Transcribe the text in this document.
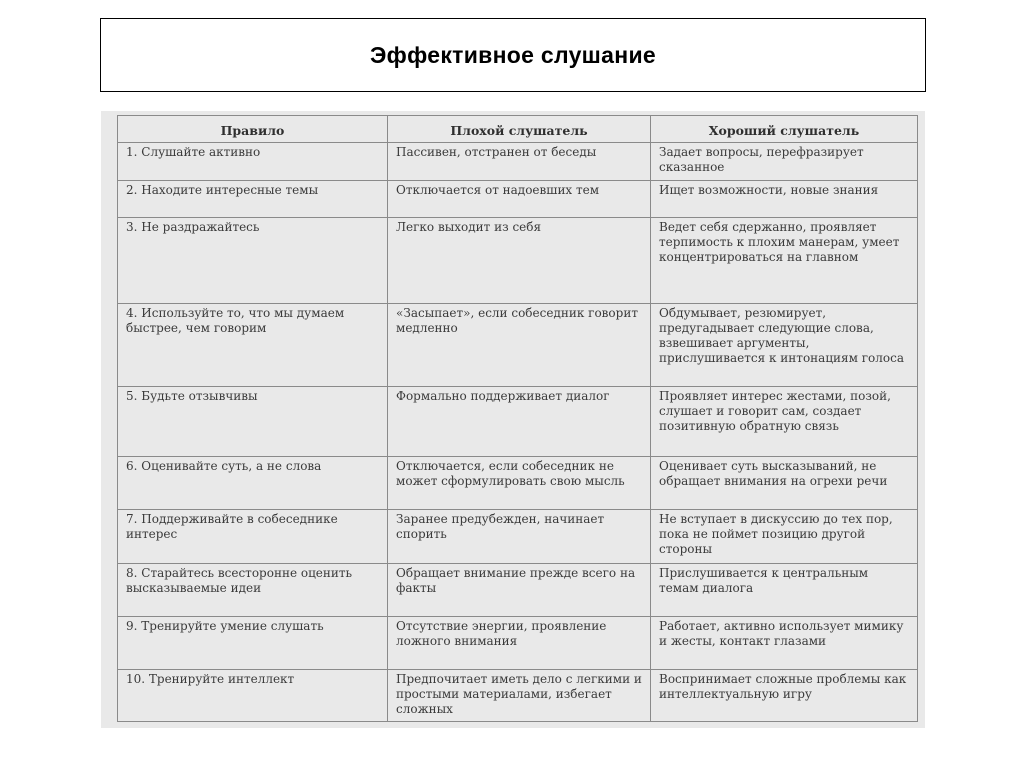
Эффективное слушание
Правило	Плохой слушатель	Хороший слушатель
1. Слушайте активно	Пассивен, отстранен от беседы	Задает вопросы, перефразирует сказанное
2. Находите интересные темы	Отключается от надоевших тем	Ищет возможности, новые знания
3. Не раздражайтесь	Легко выходит из себя	Ведет себя сдержанно, проявляет терпимость к плохим манерам, умеет концентрироваться на главном
4. Используйте то, что мы думаем быстрее, чем говорим	«Засыпает», если собеседник говорит медленно	Обдумывает, резюмирует, предугадывает следующие слова, взвешивает аргументы, прислушивается к интонациям голоса
5. Будьте отзывчивы	Формально поддерживает диалог	Проявляет интерес жестами, позой, слушает и говорит сам, создает позитивную обратную связь
6. Оценивайте суть, а не слова	Отключается, если собеседник не может сформулировать свою мысль	Оценивает суть высказываний, не обращает внимания на огрехи речи
7. Поддерживайте в собеседнике интерес	Заранее предубежден, начинает спорить	Не вступает в дискуссию до тех пор, пока не поймет позицию другой стороны
8. Старайтесь всесторонне оценить высказываемые идеи	Обращает внимание прежде всего на факты	Прислушивается к центральным темам диалога
9. Тренируйте умение слушать	Отсутствие энергии, проявление ложного внимания	Работает, активно использует мимику и жесты, контакт глазами
10. Тренируйте интеллект	Предпочитает иметь дело с легкими и простыми материалами, избегает сложных	Воспринимает сложные проблемы как интеллектуальную игру
